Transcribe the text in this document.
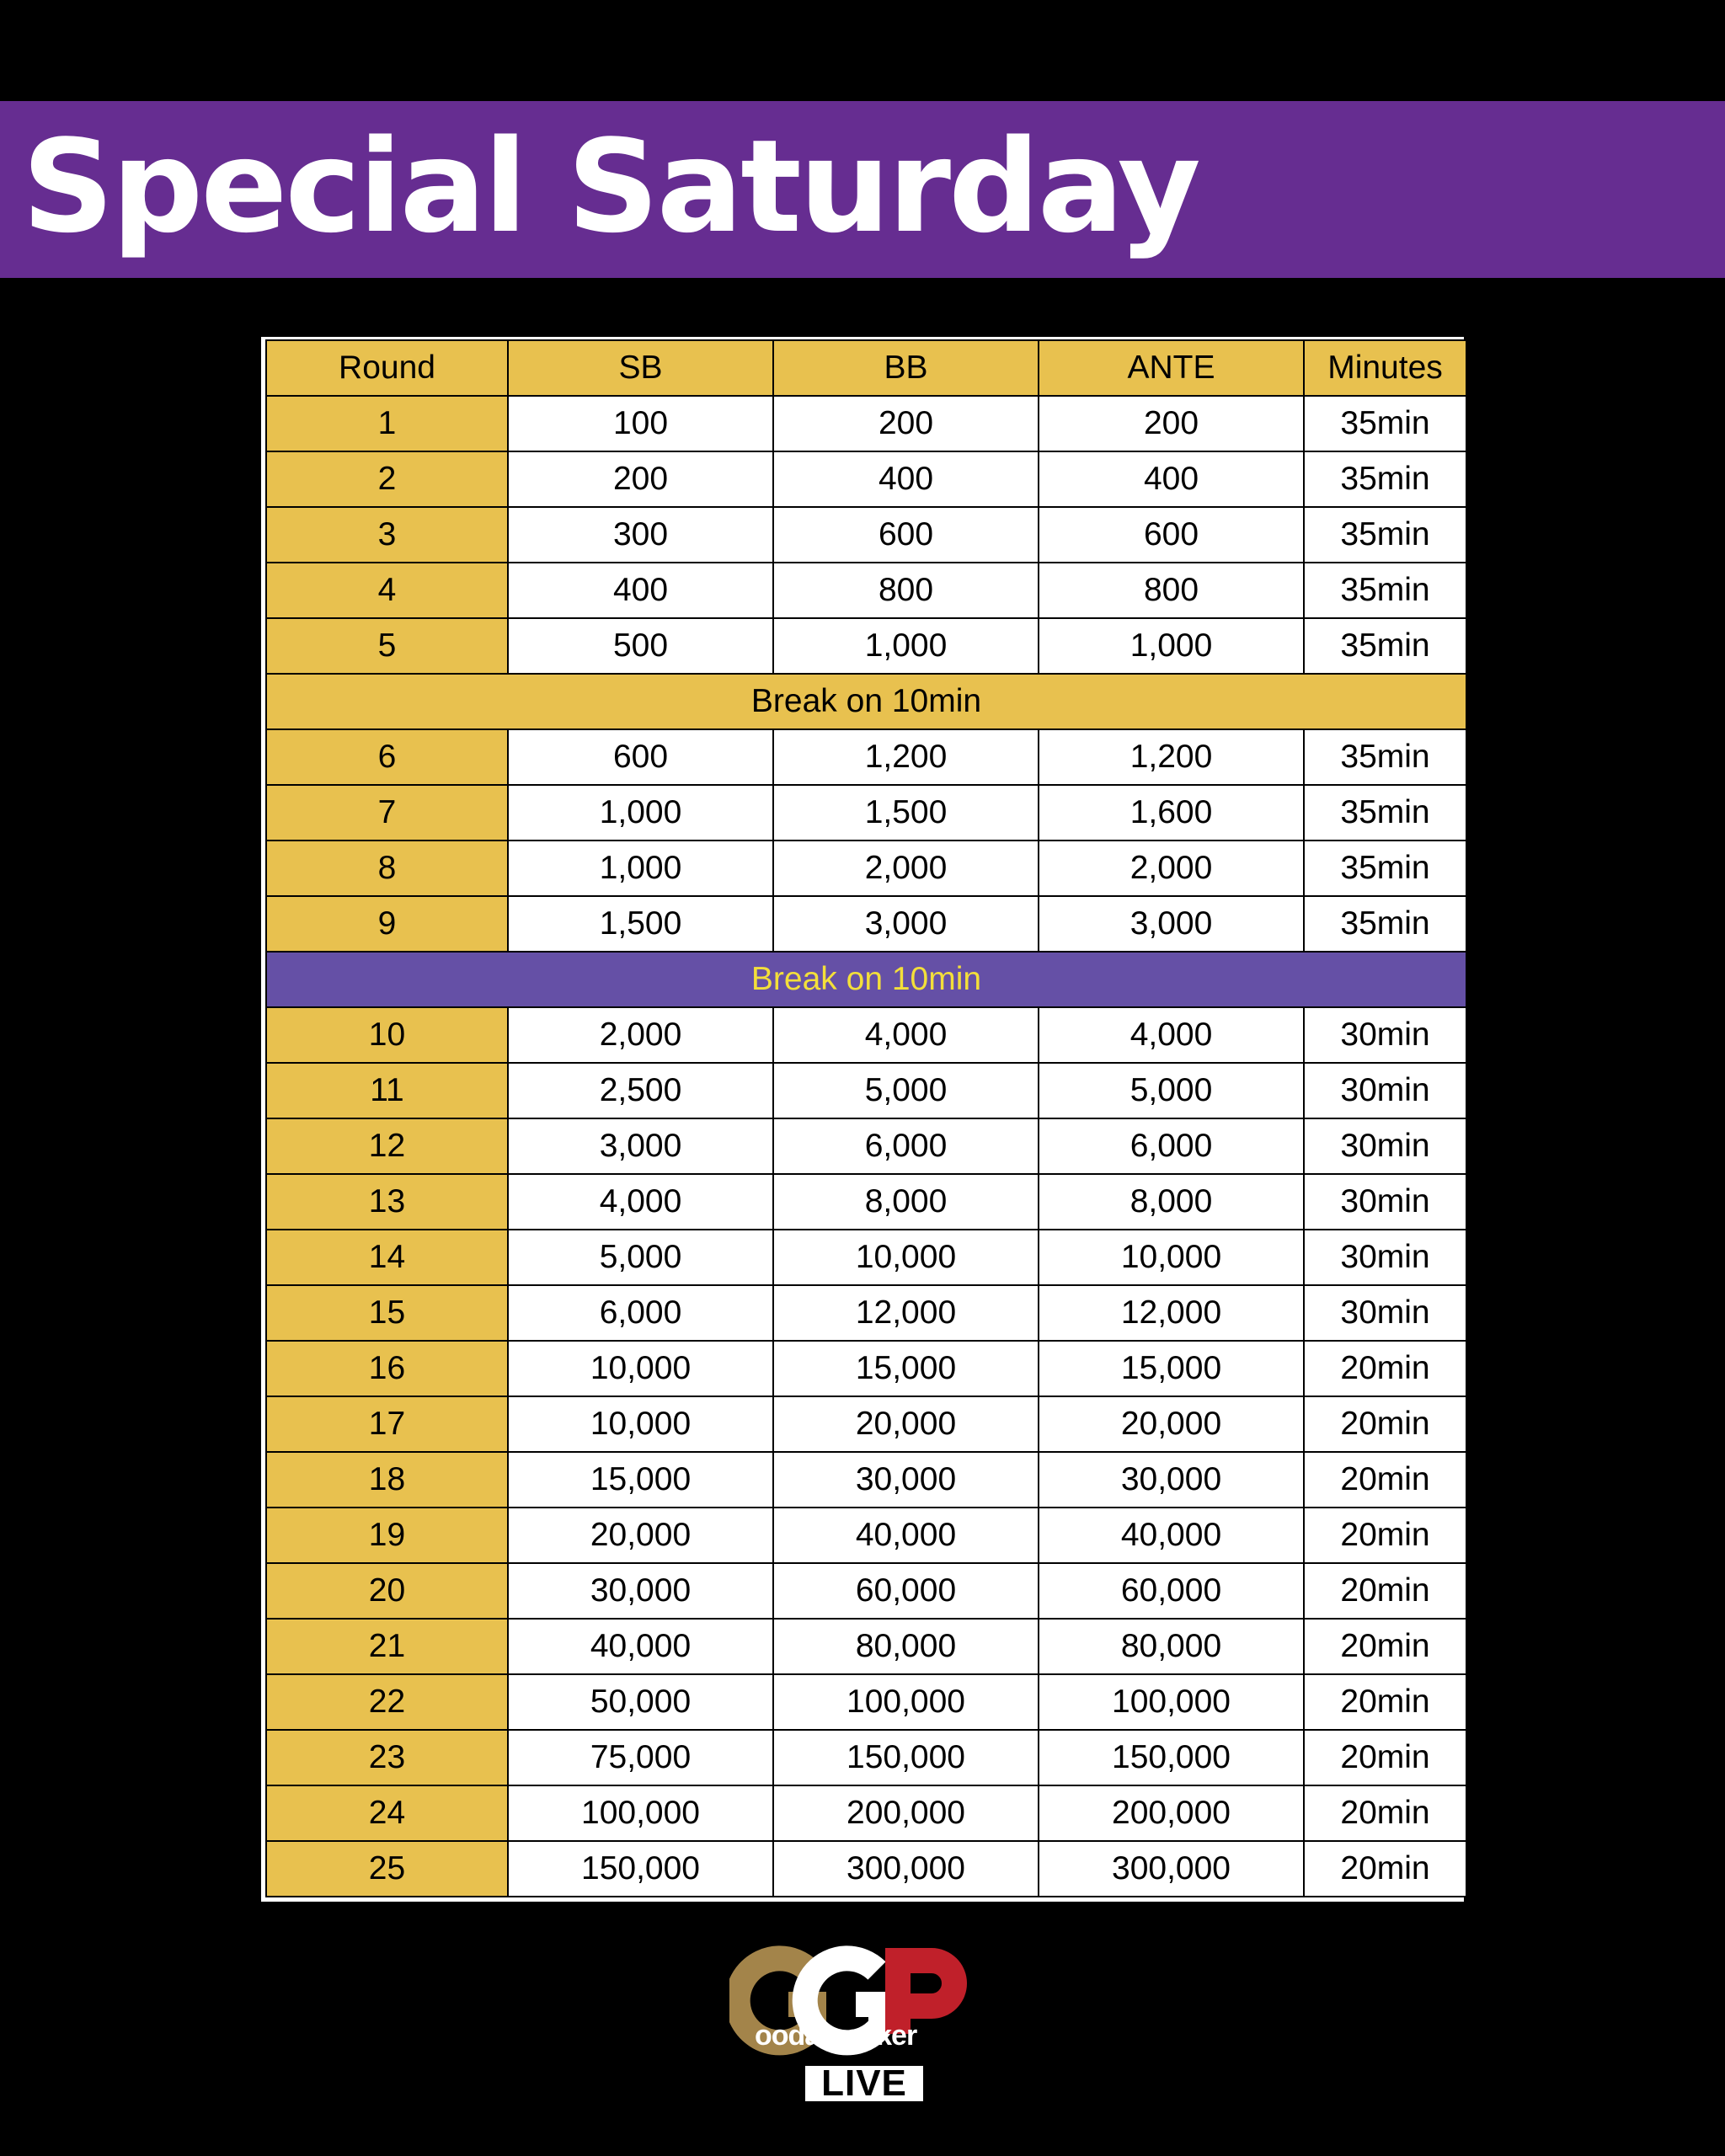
Special Saturday
Round	SB	BB	ANTE	Minutes
1	100	200	200	35min
2	200	400	400	35min
3	300	600	600	35min
4	400	800	800	35min
5	500	1,000	1,000	35min
Break on 10min				
6	600	1,200	1,200	35min
7	1,000	1,500	1,600	35min
8	1,000	2,000	2,000	35min
9	1,500	3,000	3,000	35min
Break on 10min				
10	2,000	4,000	4,000	30min
11	2,500	5,000	5,000	30min
12	3,000	6,000	6,000	30min
13	4,000	8,000	8,000	30min
14	5,000	10,000	10,000	30min
15	6,000	12,000	12,000	30min
16	10,000	15,000	15,000	20min
17	10,000	20,000	20,000	20min
18	15,000	30,000	30,000	20min
19	20,000	40,000	40,000	20min
20	30,000	60,000	60,000	20min
21	40,000	80,000	80,000	20min
22	50,000	100,000	100,000	20min
23	75,000	150,000	150,000	20min
24	100,000	200,000	200,000	20min
25	150,000	300,000	300,000	20min
oodameoker
LIVE
